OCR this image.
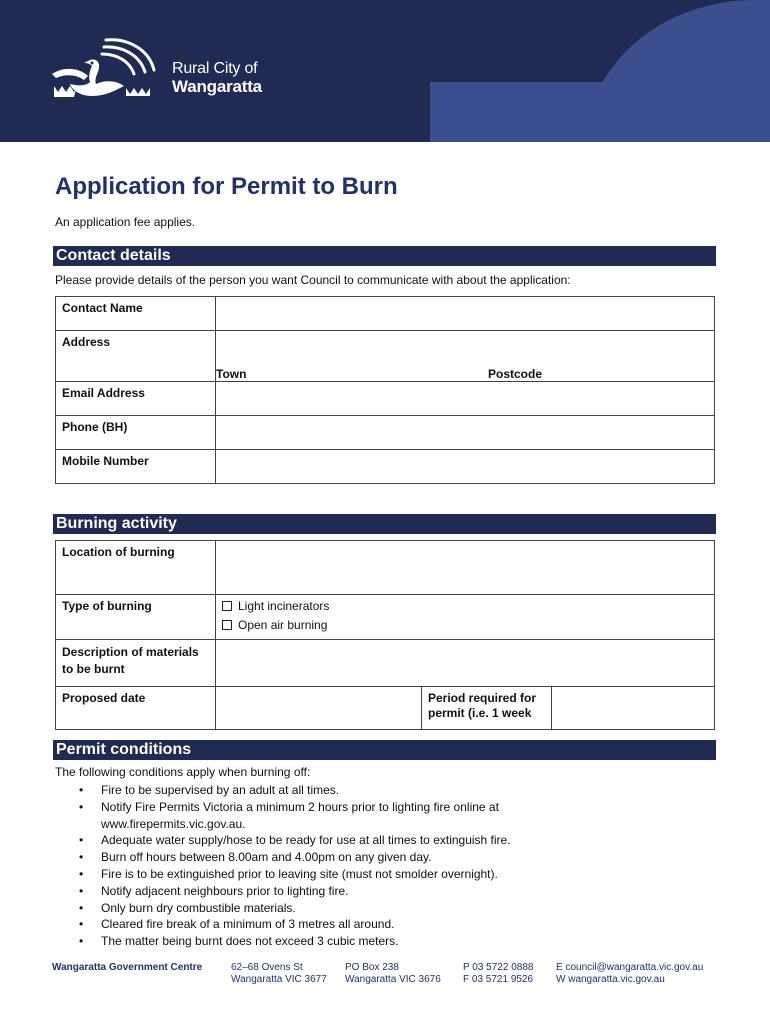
Rural City of
Wangaratta
Application for Permit to Burn
An application fee applies.
Contact details
Please provide details of the person you want Council to communicate with about the application:
Contact Name	
Address	Town Postcode

Email Address	
Phone (BH)	
Mobile Number	
Burning activity
Location of burning			
Type of burning	Light incinerators
Open air burning		

Description of materials to be burnt			
Proposed date		Period required for permit (i.e. 1 week	
Permit conditions
The following conditions apply when burning off:
• Fire to be supervised by an adult at all times.
• Notify Fire Permits Victoria a minimum 2 hours prior to lighting fire online at www.firepermits.vic.gov.au.
• Adequate water supply/hose to be ready for use at all times to extinguish fire.
• Burn off hours between 8.00am and 4.00pm on any given day.
• Fire is to be extinguished prior to leaving site (must not smolder overnight).
• Notify adjacent neighbours prior to lighting fire.
• Only burn dry combustible materials.
• Cleared fire break of a minimum of 3 metres all around.
• The matter being burnt does not exceed 3 cubic meters.
Wangaratta Government Centre	62–68 Ovens St
Wangaratta VIC 3677
PO Box 238
Wangaratta VIC 3676
P 03 5722 0888
F 03 5721 9526
E council@wangaratta.vic.gov.au
W wangaratta.vic.gov.au
